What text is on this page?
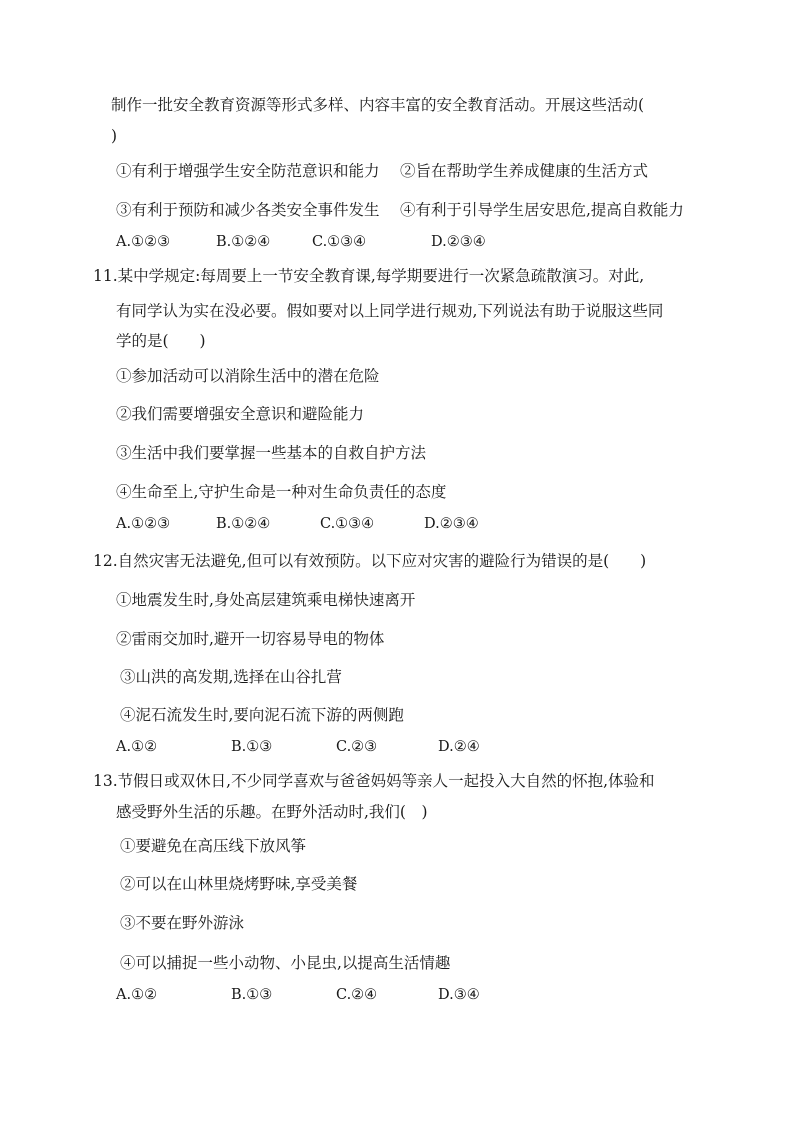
制作一批安全教育资源等形式多样、内容丰富的安全教育活动。开展这些活动(
)
①有利于增强学生安全防范意识和能力 ②旨在帮助学生养成健康的生活方式
③有利于预防和减少各类安全事件发生 ④有利于引导学生居安思危,提高自救能力
A.①②③	B.①②④	C.①③④	D.②③④
11.某中学规定:每周要上一节安全教育课,每学期要进行一次紧急疏散演习。对此,
有同学认为实在没必要。假如要对以上同学进行规劝,下列说法有助于说服这些同
学的是(　　)
①参加活动可以消除生活中的潜在危险
②我们需要增强安全意识和避险能力
③生活中我们要掌握一些基本的自救自护方法
④生命至上,守护生命是一种对生命负责任的态度
A.①②③	B.①②④	C.①③④	D.②③④
12.自然灾害无法避免,但可以有效预防。以下应对灾害的避险行为错误的是(　　)
①地震发生时,身处高层建筑乘电梯快速离开
②雷雨交加时,避开一切容易导电的物体
③山洪的高发期,选择在山谷扎营
④泥石流发生时,要向泥石流下游的两侧跑
A.①②	B.①③	C.②③	D.②④
13.节假日或双休日,不少同学喜欢与爸爸妈妈等亲人一起投入大自然的怀抱,体验和
感受野外生活的乐趣。在野外活动时,我们(　)
①要避免在高压线下放风筝
②可以在山林里烧烤野味,享受美餐
③不要在野外游泳
④可以捕捉一些小动物、小昆虫,以提高生活情趣
A.①②	B.①③	C.②④	D.③④
